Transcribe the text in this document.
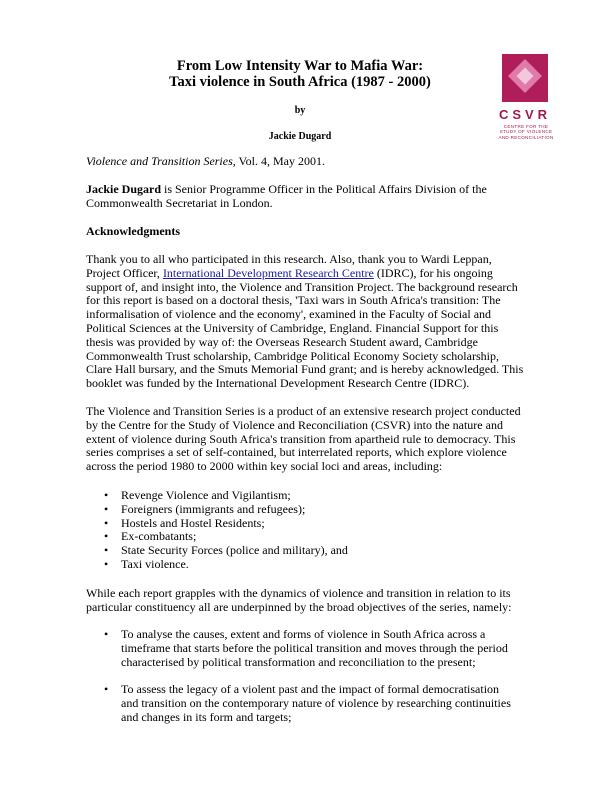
From Low Intensity War to Mafia War:

Taxi violence in South Africa (1987 - 2000)

by
Jackie Dugard
CSVR
CENTRE FOR THE
STUDY OF VIOLENCE
AND RECONCILIATION

Violence and Transition Series, Vol. 4, May 2001.

Jackie Dugard is Senior Programme Officer in the Political Affairs Division of the Commonwealth Secretariat in London.

Acknowledgments

Thank you to all who participated in this research. Also, thank you to Wardi Leppan, Project Officer, International Development Research Centre (IDRC), for his ongoing support of, and insight into, the Violence and Transition Project. The background research for this report is based on a doctoral thesis, 'Taxi wars in South Africa's transition: The informalisation of violence and the economy', examined in the Faculty of Social and Political Sciences at the University of Cambridge, England. Financial Support for this thesis was provided by way of: the Overseas Research Student award, Cambridge Commonwealth Trust scholarship, Cambridge Political Economy Society scholarship, Clare Hall bursary, and the Smuts Memorial Fund grant; and is hereby acknowledged. This booklet was funded by the International Development Research Centre (IDRC).

The Violence and Transition Series is a product of an extensive research project conducted by the Centre for the Study of Violence and Reconciliation (CSVR) into the nature and extent of violence during South Africa's transition from apartheid rule to democracy. This series comprises a set of self-contained, but interrelated reports, which explore violence across the period 1980 to 2000 within key social loci and areas, including:

• Revenge Violence and Vigilantism;
• Foreigners (immigrants and refugees);
• Hostels and Hostel Residents;
• Ex-combatants;
• State Security Forces (police and military), and
• Taxi violence.

While each report grapples with the dynamics of violence and transition in relation to its particular constituency all are underpinned by the broad objectives of the series, namely:

• To analyse the causes, extent and forms of violence in South Africa across a timeframe that starts before the political transition and moves through the period characterised by political transformation and reconciliation to the present;
• To assess the legacy of a violent past and the impact of formal democratisation and transition on the contemporary nature of violence by researching continuities and changes in its form and targets;
